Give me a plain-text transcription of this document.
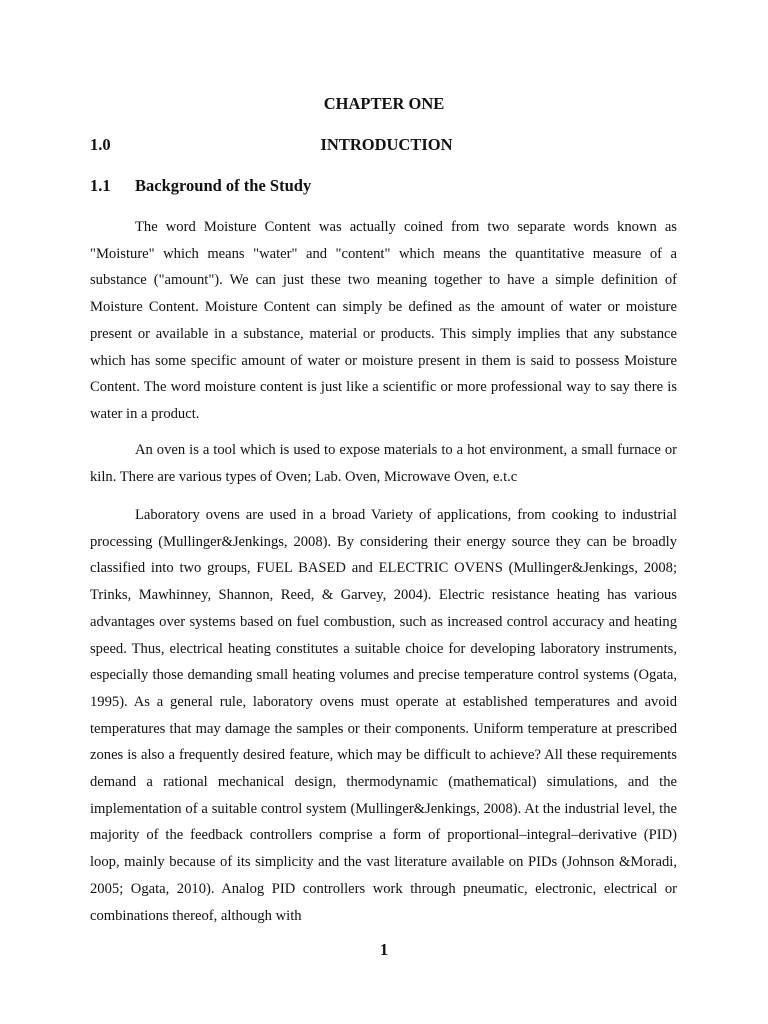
CHAPTER ONE
1.0	INTRODUCTION
1.1 Background of the Study

The word Moisture Content was actually coined from two separate words known as "Moisture" which means "water" and "content" which means the quantitative measure of a substance ("amount"). We can just these two meaning together to have a simple definition of Moisture Content. Moisture Content can simply be defined as the amount of water or moisture present or available in a substance, material or products. This simply implies that any substance which has some specific amount of water or moisture present in them is said to possess Moisture Content. The word moisture content is just like a scientific or more professional way to say there is water in a product.

An oven is a tool which is used to expose materials to a hot environment, a small furnace or kiln. There are various types of Oven; Lab. Oven, Microwave Oven, e.t.c

Laboratory ovens are used in a broad Variety of applications, from cooking to industrial processing (Mullinger&Jenkings, 2008). By considering their energy source they can be broadly classified into two groups, FUEL BASED and ELECTRIC OVENS (Mullinger&Jenkings, 2008; Trinks, Mawhinney, Shannon, Reed, & Garvey, 2004). Electric resistance heating has various advantages over systems based on fuel combustion, such as increased control accuracy and heating speed. Thus, electrical heating constitutes a suitable choice for developing laboratory instruments, especially those demanding small heating volumes and precise temperature control systems (Ogata, 1995). As a general rule, laboratory ovens must operate at established temperatures and avoid temperatures that may damage the samples or their components. Uniform temperature at prescribed zones is also a frequently desired feature, which may be difficult to achieve? All these requirements demand a rational mechanical design, thermodynamic (mathematical) simulations, and the implementation of a suitable control system (Mullinger&Jenkings, 2008). At the industrial level, the majority of the feedback controllers comprise a form of proportional–integral–derivative (PID) loop, mainly because of its simplicity and the vast literature available on PIDs (Johnson &Moradi, 2005; Ogata, 2010). Analog PID controllers work through pneumatic, electronic, electrical or combinations thereof, although with

1
